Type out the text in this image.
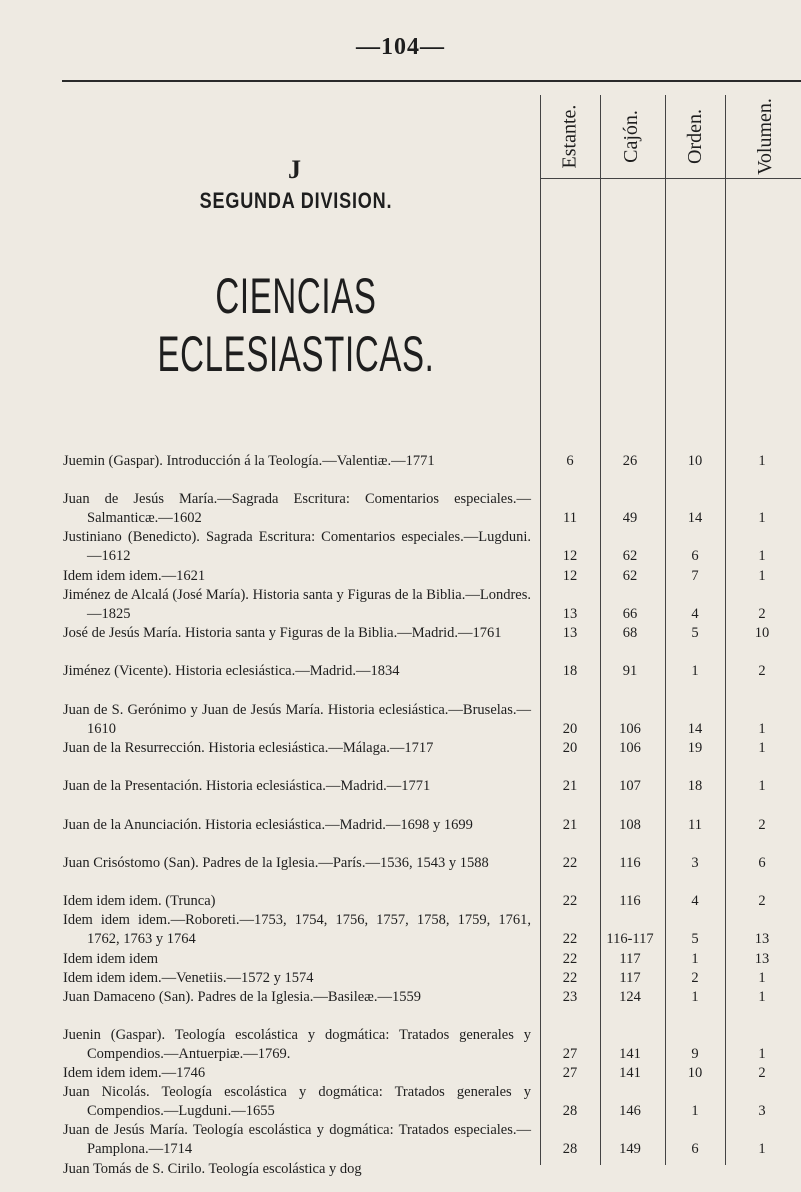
—104—
J
SEGUNDA DIVISION.
CIENCIAS ECLESIASTICAS.
Estante. Cajón. Orden. Volumen.
Juemin (Gaspar). Introducción á la Teología.—Valentiæ.—1771	6	26	10	1
Juan de Jesús María.—Sagrada Escritura: Comentarios especiales.—Salmanticæ.—1602	11	49	14	1
Justiniano (Benedicto). Sagrada Escritura: Comentarios especiales.—Lugduni.—1612	12	62	6	1
Idem idem idem.—1621	12	62	7	1
Jiménez de Alcalá (José María). Historia santa y Figuras de la Biblia.—Londres.—1825	13	66	4	2
José de Jesús María. Historia santa y Figuras de la Biblia.—Madrid.—1761	13	68	5	10
Jiménez (Vicente). Historia eclesiástica.—Madrid.—1834	18	91	1	2
Juan de S. Gerónimo y Juan de Jesús María. Historia eclesiástica.—Bruselas.—1610	20	106	14	1
Juan de la Resurrección. Historia eclesiástica.—Málaga.—1717	20	106	19	1
Juan de la Presentación. Historia eclesiástica.—Madrid.—1771	21	107	18	1
Juan de la Anunciación. Historia eclesiástica.—Madrid.—1698 y 1699	21	108	11	2
Juan Crisóstomo (San). Padres de la Iglesia.—París.—1536, 1543 y 1588	22	116	3	6
Idem idem idem. (Trunca)	22	116	4	2
Idem idem idem.—Roboreti.—1753, 1754, 1756, 1757, 1758, 1759, 1761, 1762, 1763 y 1764	22	116-117	5	13
Idem idem idem	22	117	1	13
Idem idem idem.—Venetiis.—1572 y 1574	22	117	2	1
Juan Damaceno (San). Padres de la Iglesia.—Basileæ.—1559	23	124	1	1
Juenin (Gaspar). Teología escolástica y dogmática: Tratados generales y Compendios.—Antuerpiæ.—1769.	27	141	9	1
Idem idem idem.—1746	27	141	10	2
Juan Nicolás. Teología escolástica y dogmática: Tratados generales y Compendios.—Lugduni.—1655	28	146	1	3
Juan de Jesús María. Teología escolástica y dogmática: Tratados especiales.—Pamplona.—1714	28	149	6	1
Juan Tomás de S. Cirilo. Teología escolástica y dog
